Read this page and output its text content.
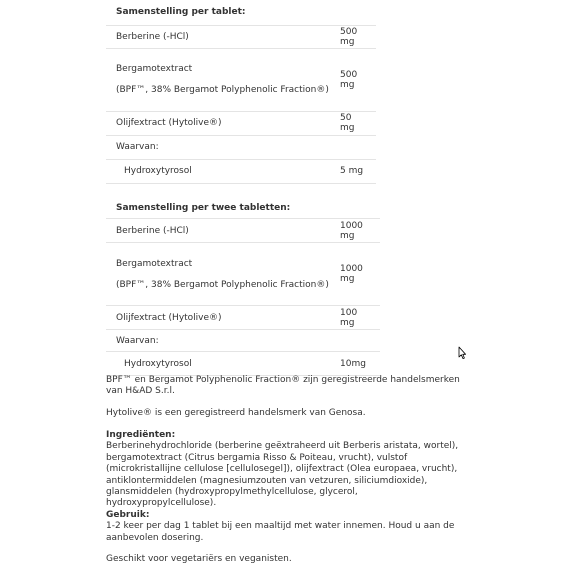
Samenstelling per tablet:	
Berberine (-HCl)	500 mg

Bergamotextract
(BPF™, 38% Bergamot Polyphenolic Fraction®)	500 mg
Olijfextract (Hytolive®)	50 mg
Waarvan:	
Hydroxytyrosol	5 mg
Samenstelling per twee tabletten:	
Berberine (-HCl)	1000 mg

Bergamotextract
(BPF™, 38% Bergamot Polyphenolic Fraction®)	1000 mg
Olijfextract (Hytolive®)	100 mg
Waarvan:	
Hydroxytyrosol	10mg

BPF™ en Bergamot Polyphenolic Fraction® zijn geregistreerde handelsmerken van H&AD S.r.l.

Hytolive® is een geregistreerd handelsmerk van Genosa.

Ingrediënten:

Berberinehydrochloride (berberine geëxtraheerd uit Berberis aristata, wortel), bergamotextract (Citrus bergamia Risso & Poiteau, vrucht), vulstof (microkristallijne cellulose [cellulosegel]), olijfextract (Olea europaea, vrucht), antiklontermiddelen (magnesiumzouten van vetzuren, siliciumdioxide), glansmiddelen (hydroxypropylmethylcellulose, glycerol, hydroxypropylcellulose).

Gebruik:

1-2 keer per dag 1 tablet bij een maaltijd met water innemen. Houd u aan de aanbevolen dosering.

Geschikt voor vegetariërs en veganisten.
